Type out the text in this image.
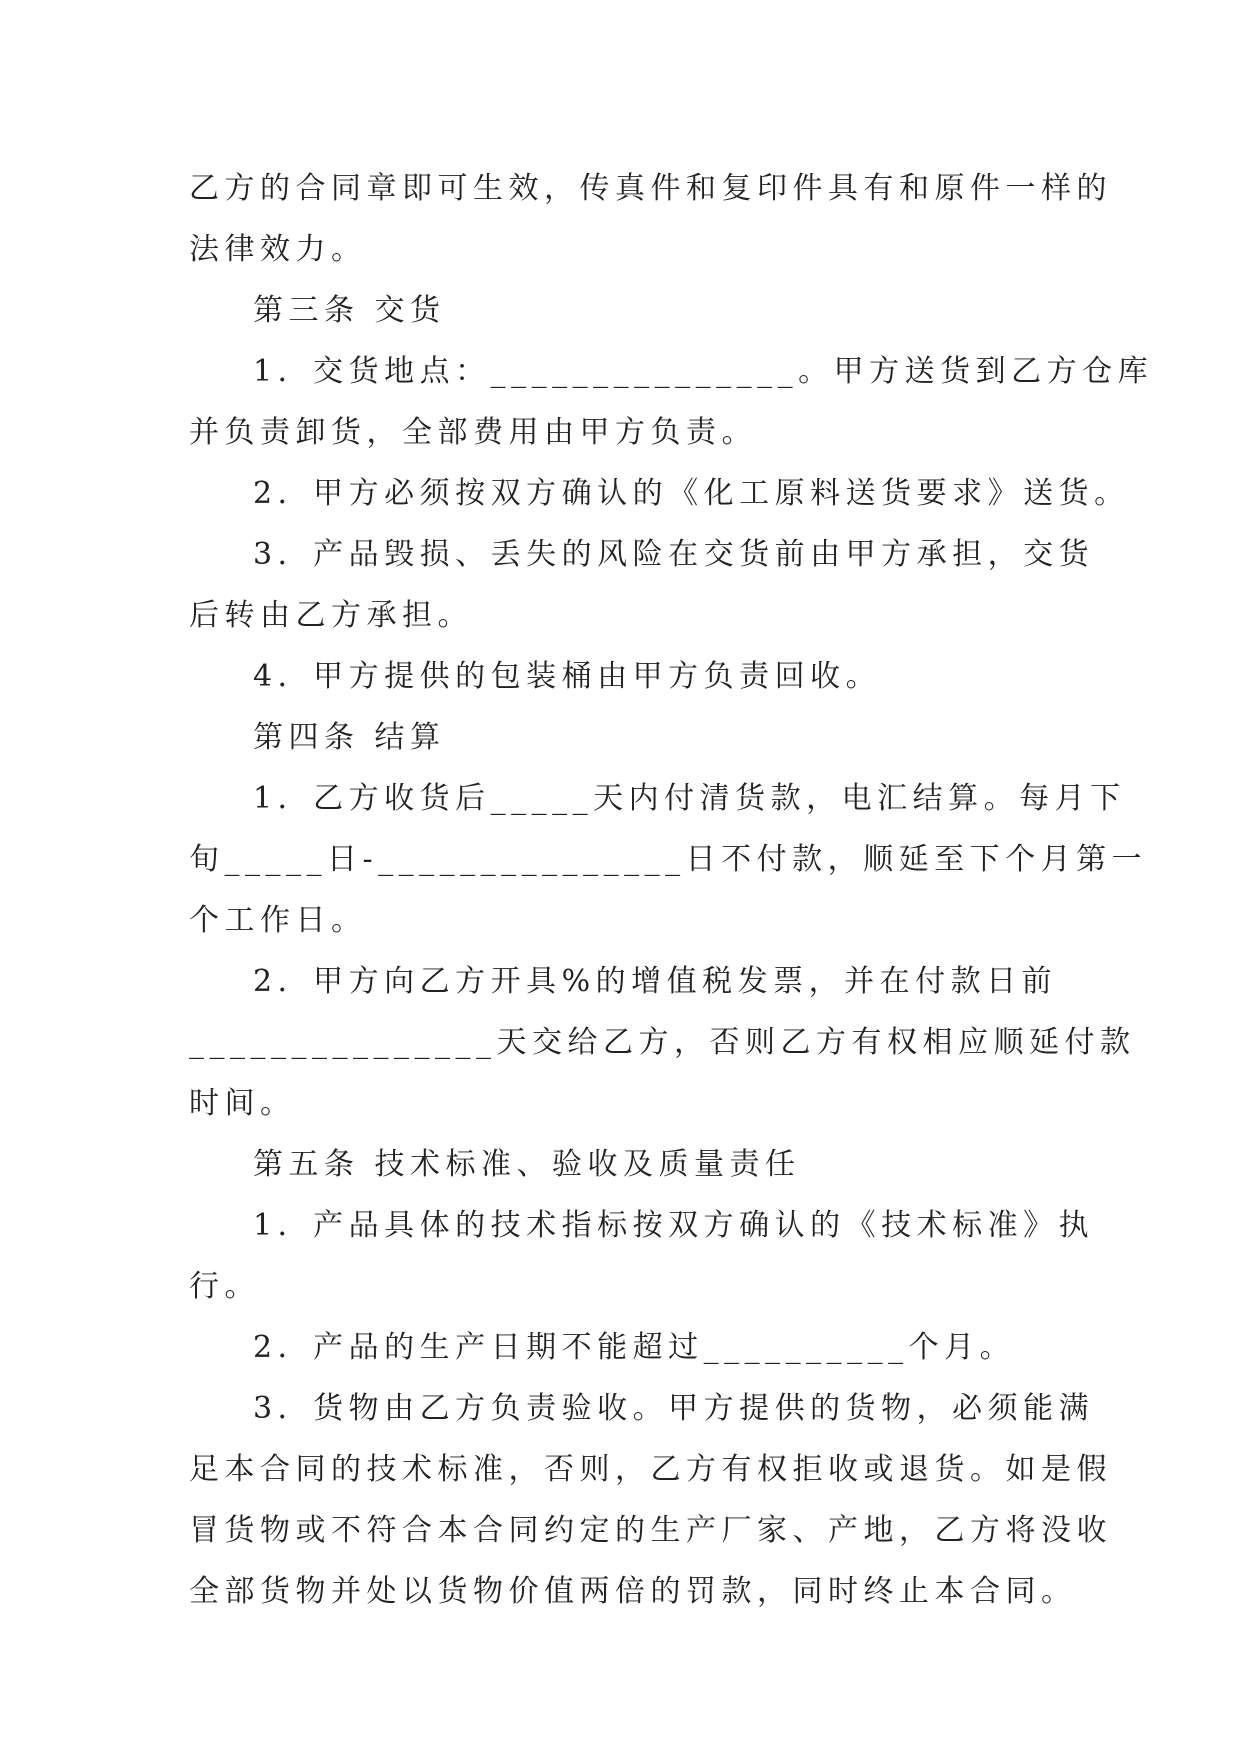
乙方的合同章即可生效，传真件和复印件具有和原件一样的
法律效力。
第三条 交货
1．交货地点：_______________。甲方送货到乙方仓库
并负责卸货，全部费用由甲方负责。
2．甲方必须按双方确认的《化工原料送货要求》送货。
3．产品毁损、丢失的风险在交货前由甲方承担，交货
后转由乙方承担。
4．甲方提供的包装桶由甲方负责回收。
第四条 结算
1．乙方收货后_____天内付清货款，电汇结算。每月下
旬_____日-_______________日不付款，顺延至下个月第一
个工作日。
2．甲方向乙方开具%的增值税发票，并在付款日前
_______________天交给乙方，否则乙方有权相应顺延付款
时间。
第五条 技术标准、验收及质量责任
1．产品具体的技术指标按双方确认的《技术标准》执
行。
2．产品的生产日期不能超过__________个月。
3．货物由乙方负责验收。甲方提供的货物，必须能满
足本合同的技术标准，否则，乙方有权拒收或退货。如是假
冒货物或不符合本合同约定的生产厂家、产地，乙方将没收
全部货物并处以货物价值两倍的罚款，同时终止本合同。
